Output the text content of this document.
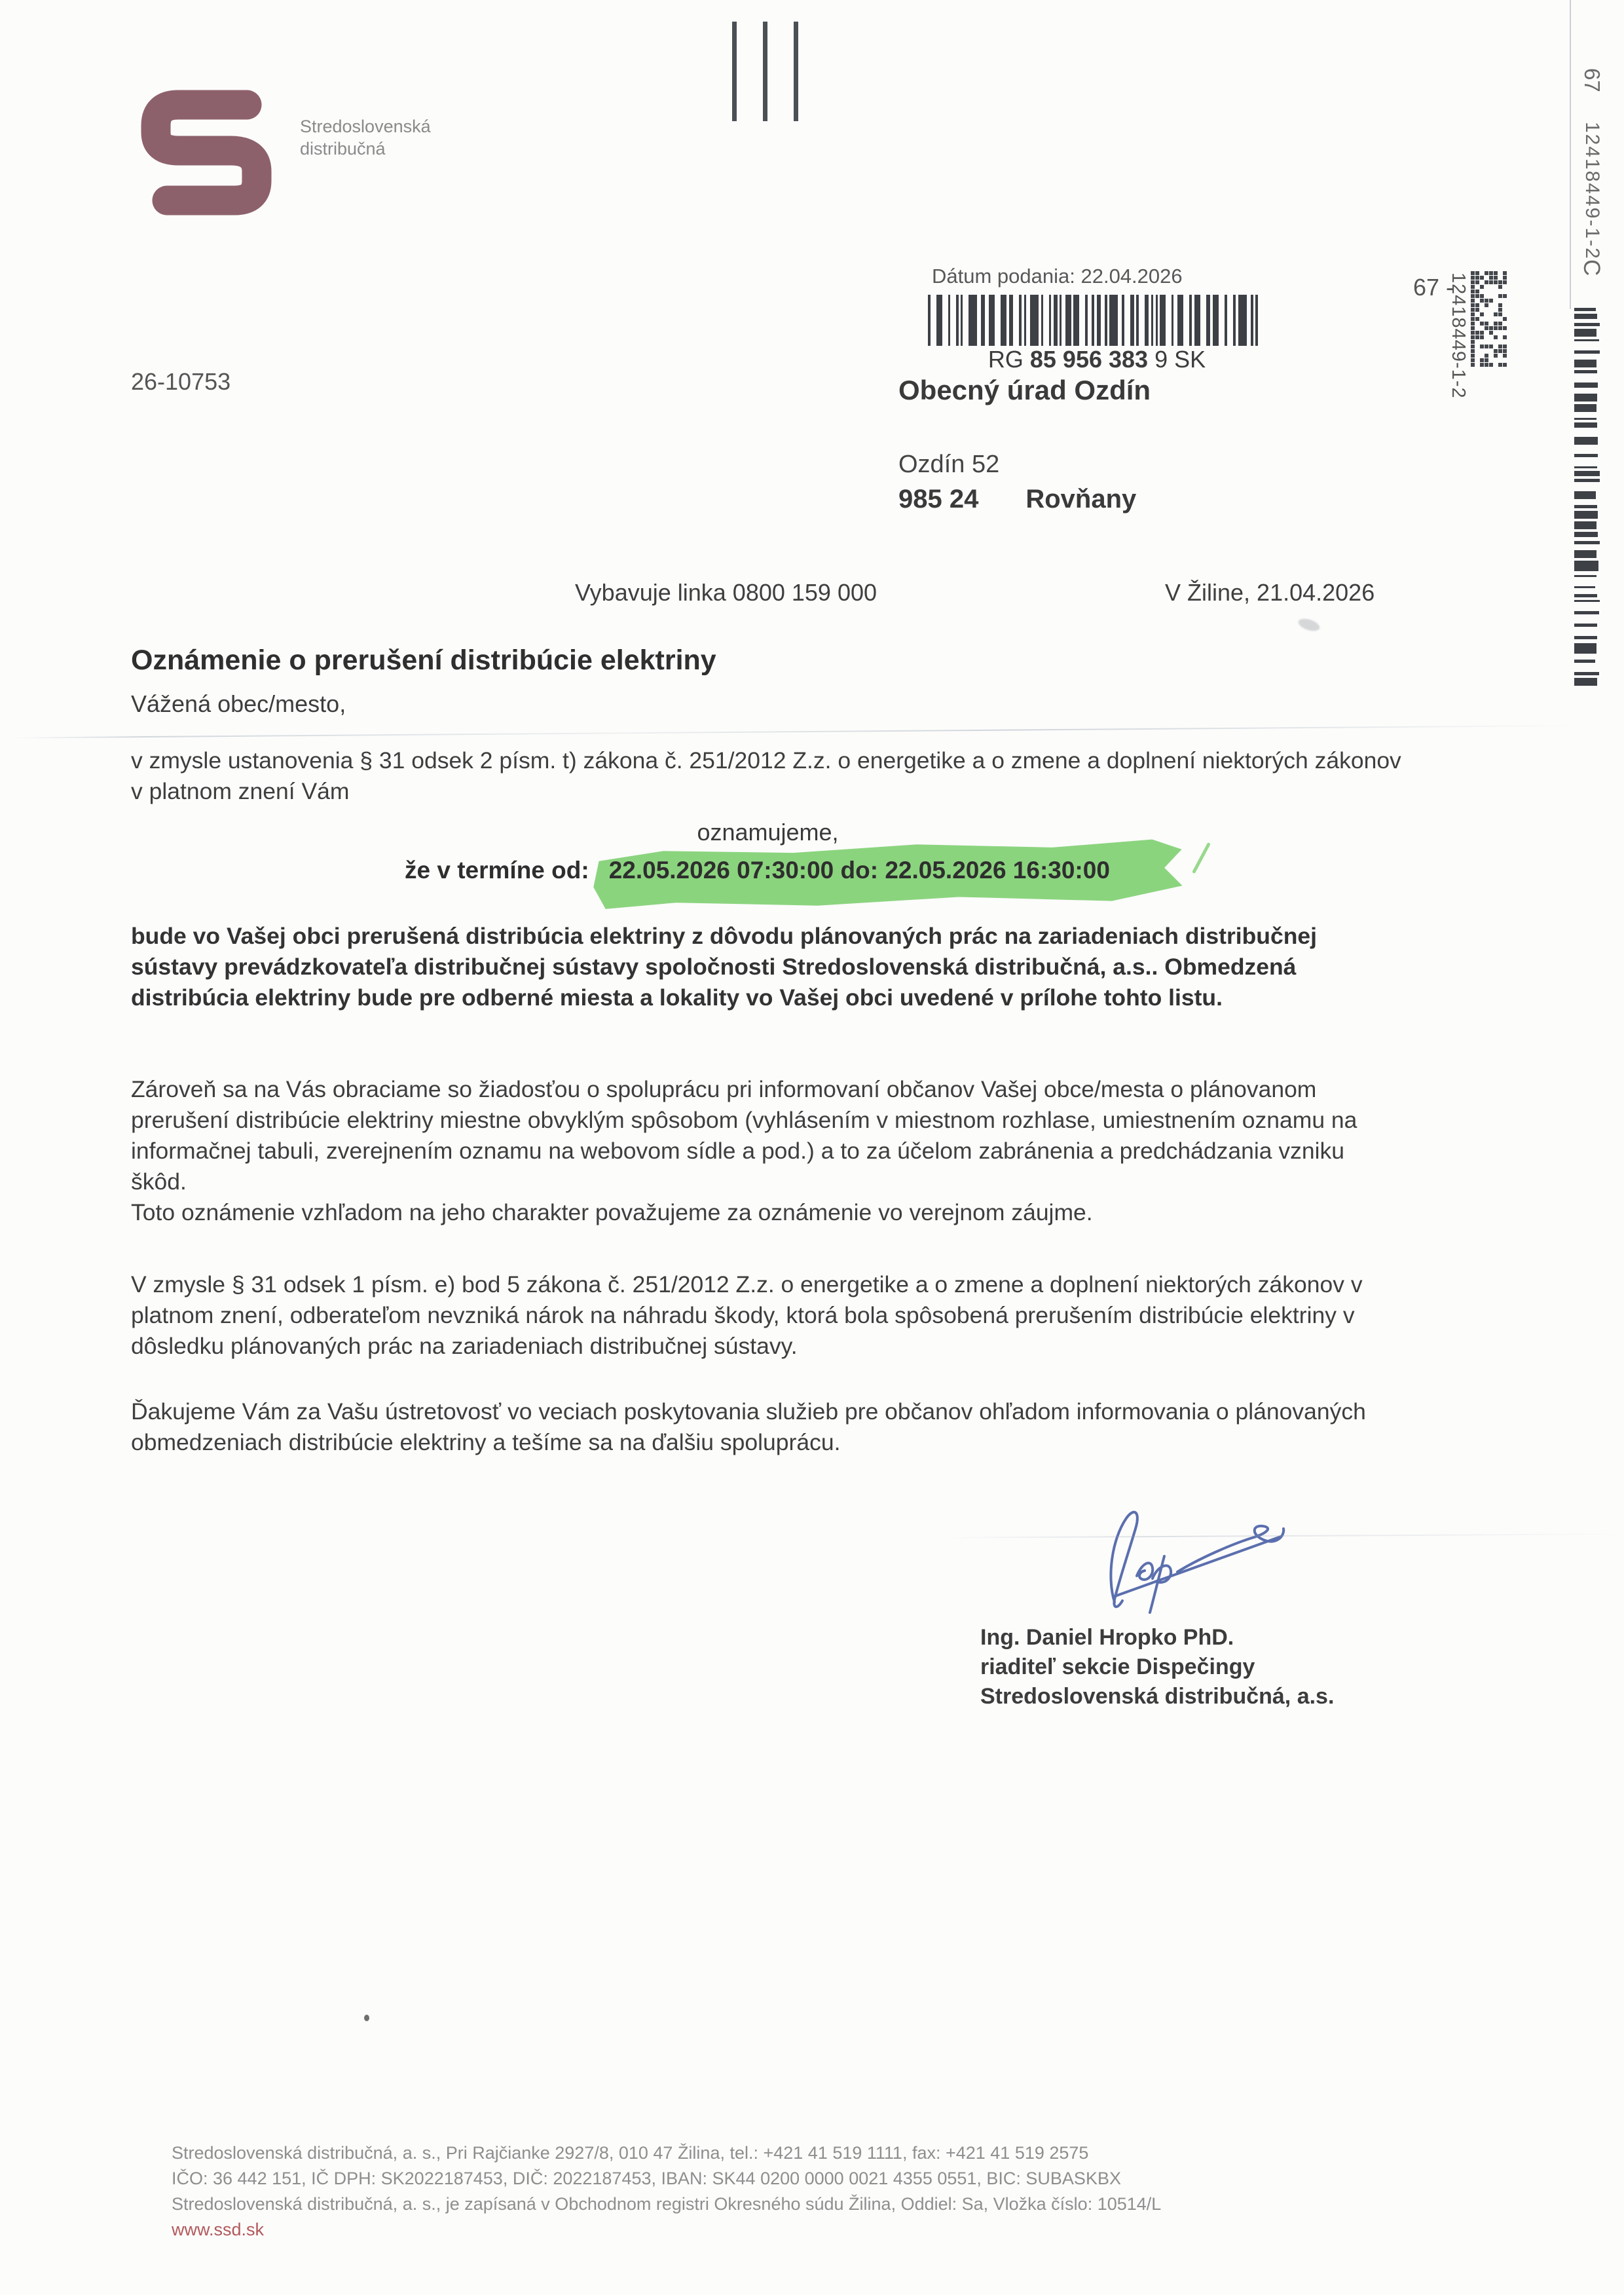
Stredoslovenská
distribučná
Dátum podania: 22.04.2026
RG 85 956 383 9 SK
Obecný úrad Ozdín
Ozdín 52
985 24 Rovňany
26-10753
Vybavuje linka 0800 159 000	V Žiline, 21.04.2026
Oznámenie o prerušení distribúcie elektriny
Vážená obec/mesto,
v zmysle ustanovenia § 31 odsek 2 písm. t) zákona č. 251/2012 Z.z. o energetike a o zmene a doplnení niektorých zákonov v platnom znení Vám
oznamujeme,
že v termíne od: 22.05.2026 07:30:00 do: 22.05.2026 16:30:00
bude vo Vašej obci prerušená distribúcia elektriny z dôvodu plánovaných prác na zariadeniach distribučnej sústavy prevádzkovateľa distribučnej sústavy spoločnosti Stredoslovenská distribučná, a.s.. Obmedzená distribúcia elektriny bude pre odberné miesta a lokality vo Vašej obci uvedené v prílohe tohto listu.
Zároveň sa na Vás obraciame so žiadosťou o spoluprácu pri informovaní občanov Vašej obce/mesta o plánovanom prerušení distribúcie elektriny miestne obvyklým spôsobom (vyhlásením v miestnom rozhlase, umiestnením oznamu na informačnej tabuli, zverejnením oznamu na webovom sídle a pod.) a to za účelom zabránenia a predchádzania vzniku škôd.
Toto oznámenie vzhľadom na jeho charakter považujeme za oznámenie vo verejnom záujme.
V zmysle § 31 odsek 1 písm. e) bod 5 zákona č. 251/2012 Z.z. o energetike a o zmene a doplnení niektorých zákonov v platnom znení, odberateľom nevzniká nárok na náhradu škody, ktorá bola spôsobená prerušením distribúcie elektriny v dôsledku plánovaných prác na zariadeniach distribučnej sústavy.
Ďakujeme Vám za Vašu ústretovosť vo veciach poskytovania služieb pre občanov ohľadom informovania o plánovaných obmedzeniach distribúcie elektriny a tešíme sa na ďalšiu spoluprácu.
Ing. Daniel Hropko PhD.
riaditeľ sekcie Dispečingy
Stredoslovenská distribučná, a.s.
Stredoslovenská distribučná, a. s., Pri Rajčianke 2927/8, 010 47 Žilina, tel.: +421 41 519 1111, fax: +421 41 519 2575
IČO: 36 442 151, IČ DPH: SK2022187453, DIČ: 2022187453, IBAN: SK44 0200 0000 0021 4355 0551, BIC: SUBASKBX
Stredoslovenská distribučná, a. s., je zapísaná v Obchodnom registri Okresného súdu Žilina, Oddiel: Sa, Vložka číslo: 10514/L
www.ssd.sk
67
12418449-1-2
C
67 -
12418449-1-2
